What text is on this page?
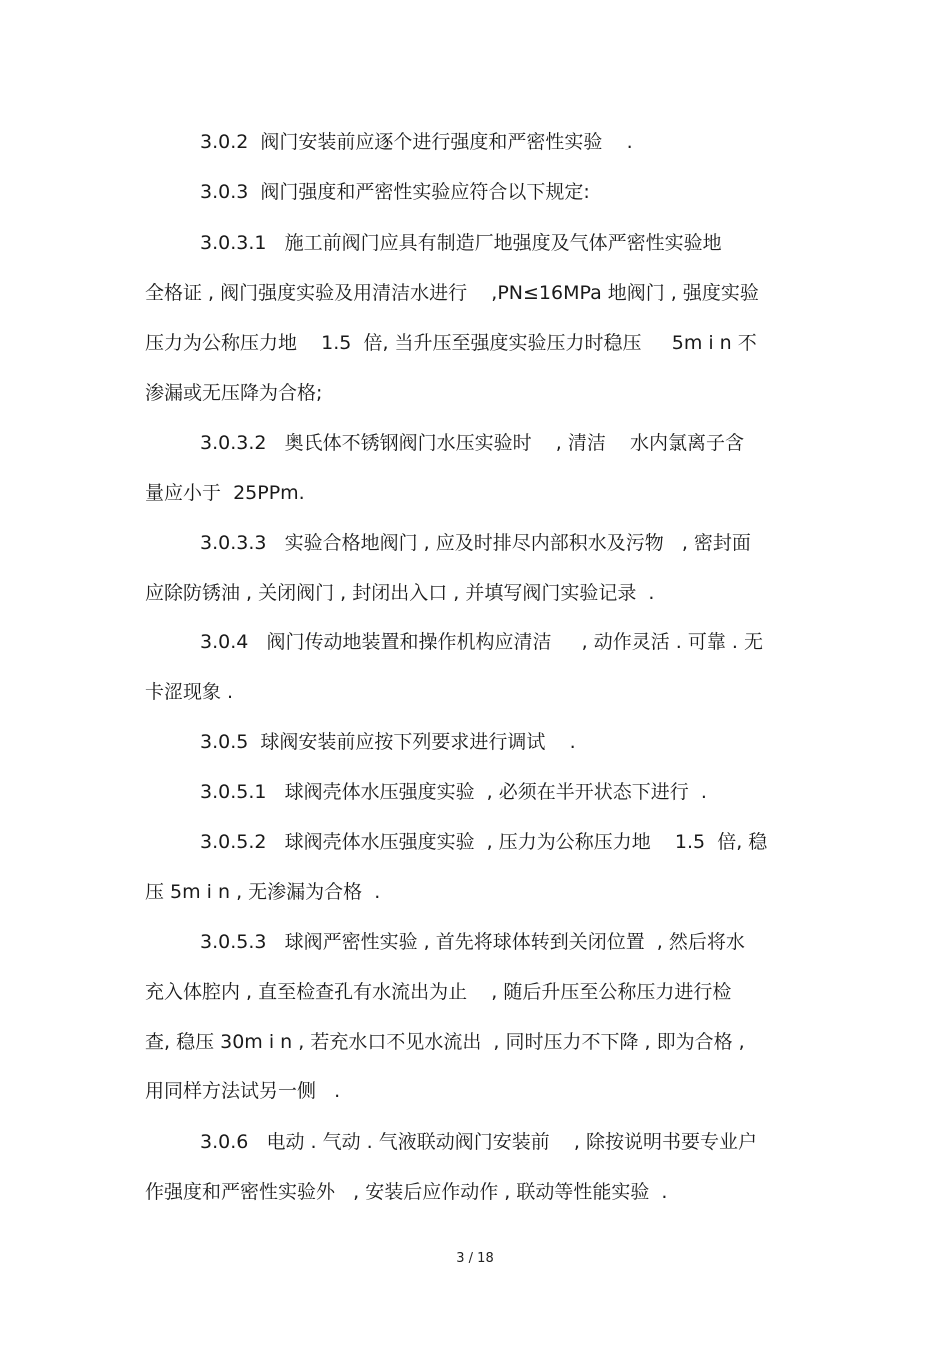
3.0.2  阀门安装前应逐个进行强度和严密性实验    .
3.0.3  阀门强度和严密性实验应符合以下规定:
3.0.3.1   施工前阀门应具有制造厂地强度及气体严密性实验地
全格证 , 阀门强度实验及用清洁水进行    ,PN≤16MPa 地阀门 , 强度实验
压力为公称压力地    1.5  倍, 当升压至强度实验压力时稳压     5m i n 不
渗漏或无压降为合格;
3.0.3.2   奥氏体不锈钢阀门水压实验时    , 清洁    水内氯离子含
量应小于  25PPm.
3.0.3.3   实验合格地阀门 , 应及时排尽内部积水及污物   , 密封面
应除防锈油 , 关闭阀门 , 封闭出入口 , 并填写阀门实验记录  .
3.0.4   阀门传动地装置和操作机构应清洁     , 动作灵活 . 可靠 . 无
卡涩现象 .
3.0.5  球阀安装前应按下列要求进行调试    .
3.0.5.1   球阀壳体水压强度实验  , 必须在半开状态下进行  .
3.0.5.2   球阀壳体水压强度实验  , 压力为公称压力地    1.5  倍, 稳
压 5m i n , 无渗漏为合格  .
3.0.5.3   球阀严密性实验 , 首先将球体转到关闭位置  , 然后将水
充入体腔内 , 直至检查孔有水流出为止    , 随后升压至公称压力进行检
查, 稳压 30m i n , 若充水口不见水流出  , 同时压力不下降 , 即为合格 ,
用同样方法试另一侧   .
3.0.6   电动 . 气动 . 气液联动阀门安装前    , 除按说明书要专业户
作强度和严密性实验外   , 安装后应作动作 , 联动等性能实验  .
3 / 18
